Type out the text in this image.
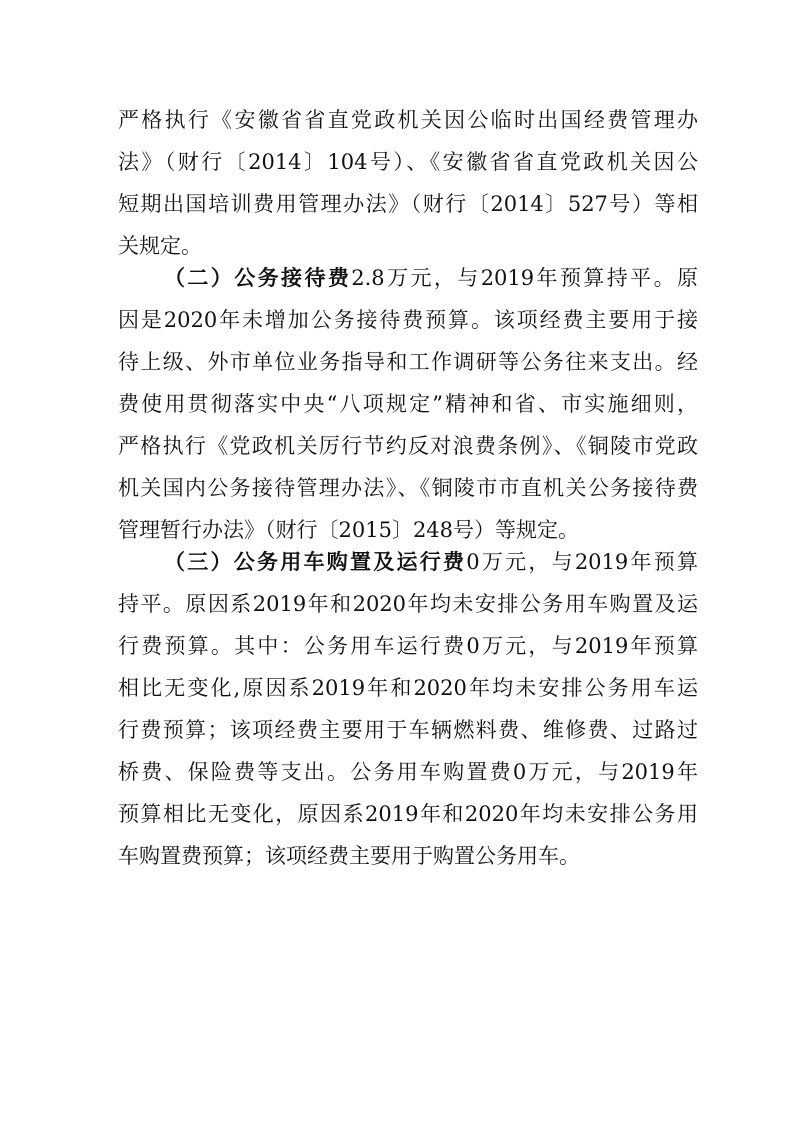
严格执行《安徽省省直党政机关因公临时出国经费管理办
法》（财行〔2014〕104号）、《安徽省省直党政机关因公
短期出国培训费用管理办法》（财行〔2014〕527号）等相
关规定。
（二）公务接待费2.8万元，与2019年预算持平。原
因是2020年未增加公务接待费预算。该项经费主要用于接
待上级、外市单位业务指导和工作调研等公务往来支出。经
费使用贯彻落实中央“八项规定”精神和省、市实施细则，
严格执行《党政机关厉行节约反对浪费条例》、《铜陵市党政
机关国内公务接待管理办法》、《铜陵市市直机关公务接待费
管理暂行办法》（财行〔2015〕248号）等规定。
（三）公务用车购置及运行费0万元，与2019年预算
持平。原因系2019年和2020年均未安排公务用车购置及运
行费预算。其中：公务用车运行费0万元，与2019年预算
相比无变化,原因系2019年和2020年均未安排公务用车运
行费预算；该项经费主要用于车辆燃料费、维修费、过路过
桥费、保险费等支出。公务用车购置费0万元，与2019年
预算相比无变化，原因系2019年和2020年均未安排公务用
车购置费预算；该项经费主要用于购置公务用车。
